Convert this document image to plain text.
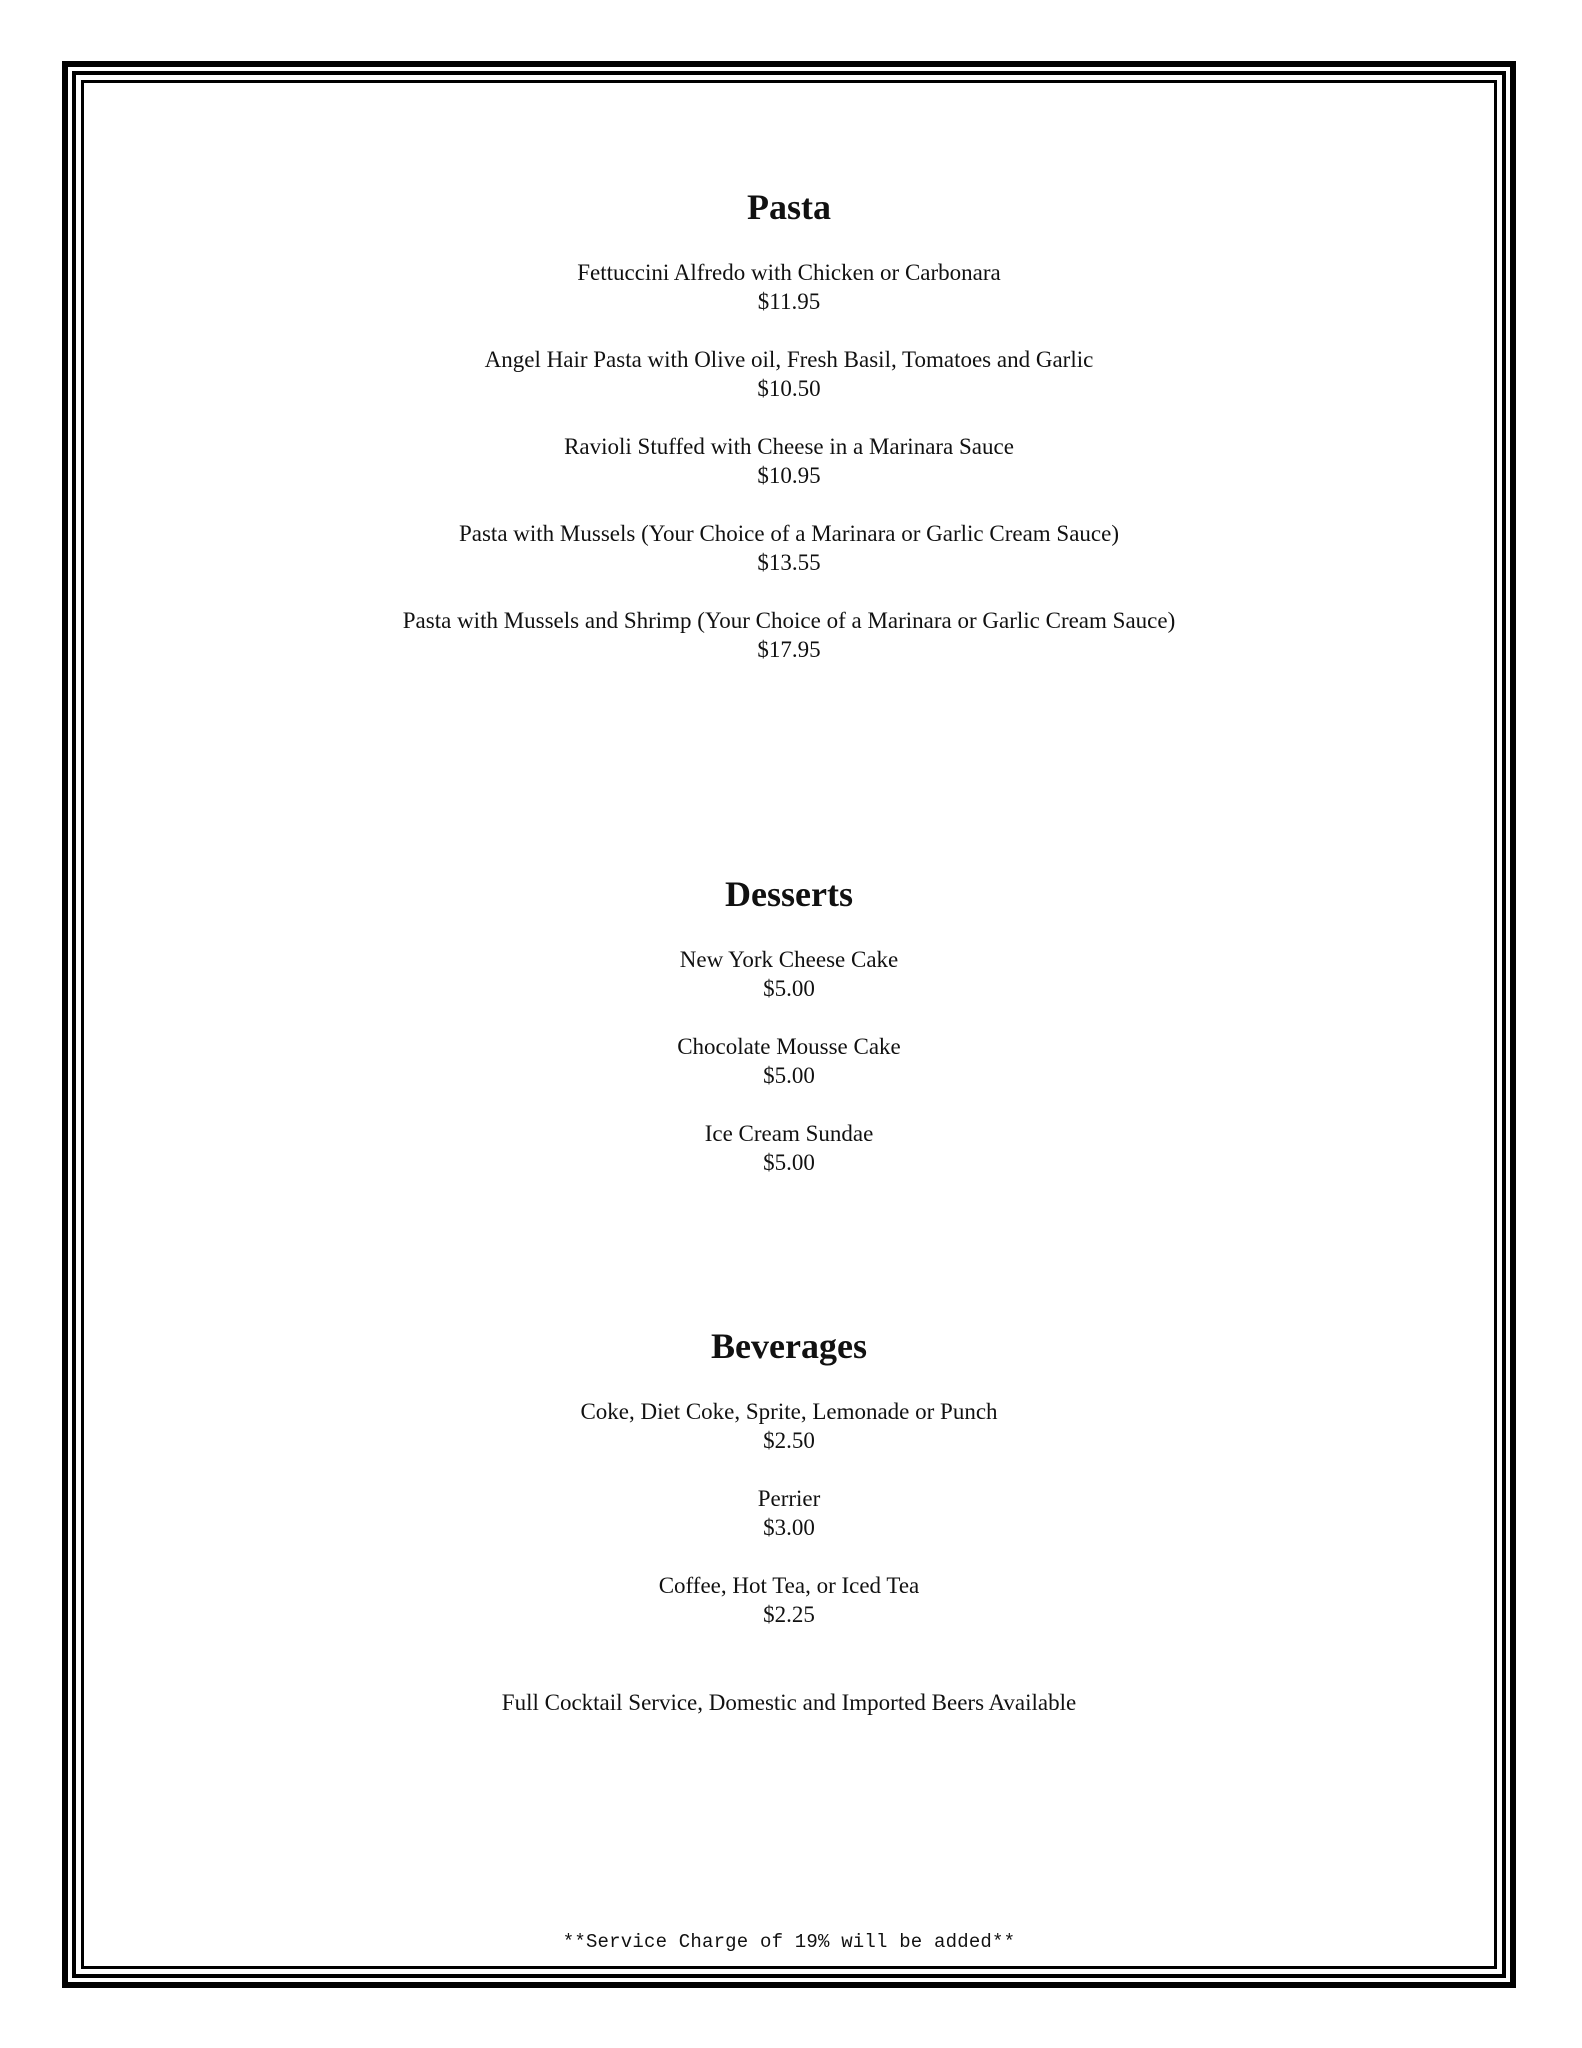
Pasta
Fettuccini Alfredo with Chicken or Carbonara
$11.95
Angel Hair Pasta with Olive oil, Fresh Basil, Tomatoes and Garlic
$10.50
Ravioli Stuffed with Cheese in a Marinara Sauce
$10.95
Pasta with Mussels (Your Choice of a Marinara or Garlic Cream Sauce)
$13.55
Pasta with Mussels and Shrimp (Your Choice of a Marinara or Garlic Cream Sauce)
$17.95
Desserts
New York Cheese Cake
$5.00
Chocolate Mousse Cake
$5.00
Ice Cream Sundae
$5.00
Beverages
Coke, Diet Coke, Sprite, Lemonade or Punch
$2.50
Perrier
$3.00
Coffee, Hot Tea, or Iced Tea
$2.25
Full Cocktail Service, Domestic and Imported Beers Available
**Service Charge of 19% will be added**
